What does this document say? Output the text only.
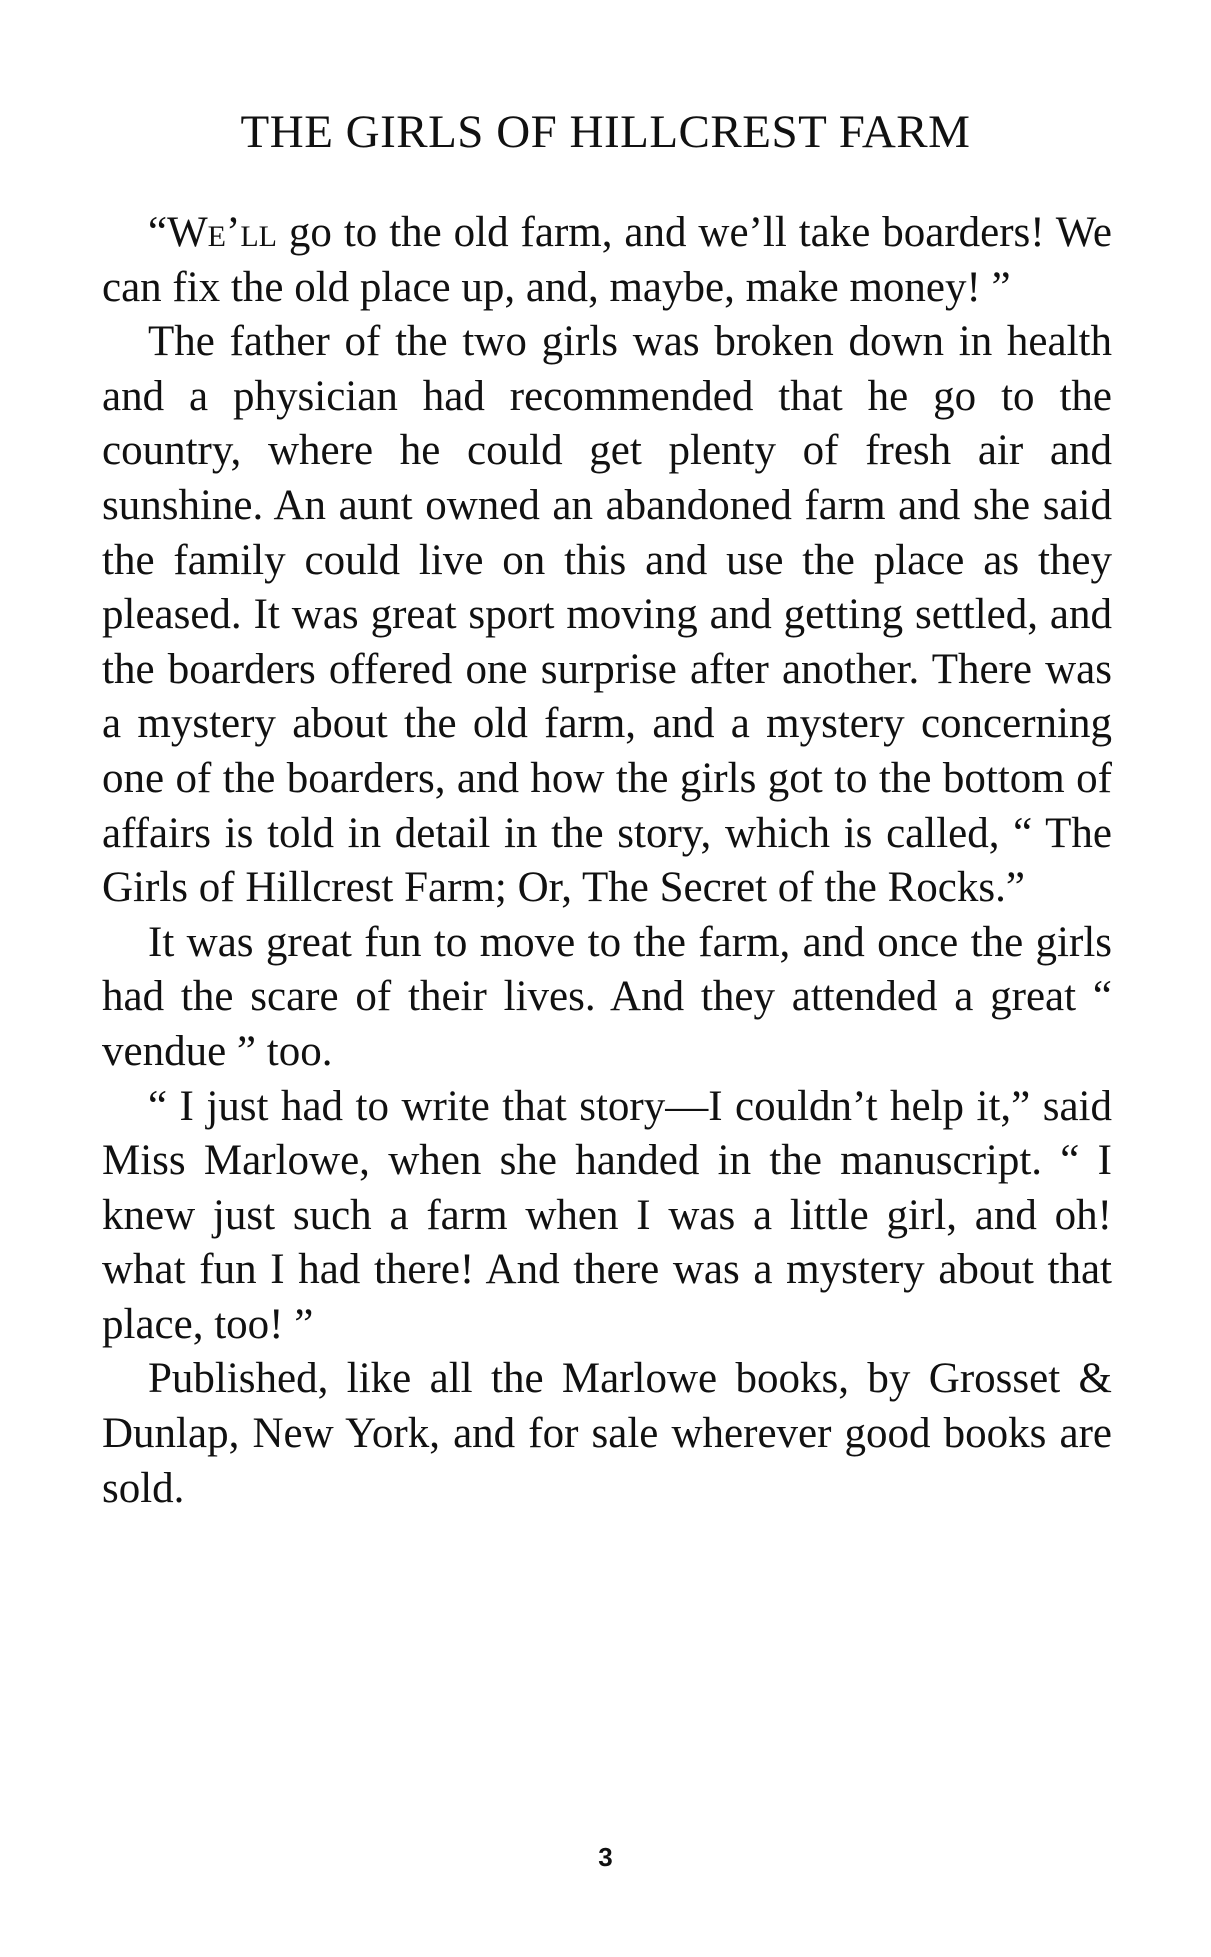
THE GIRLS OF HILLCREST FARM

“We’ll go to the old farm, and we’ll take boarders! We can fix the old place up, and, maybe, make money! ”

The father of the two girls was broken down in health and a physician had recommended that he go to the country, where he could get plenty of fresh air and sunshine. An aunt owned an abandoned farm and she said the family could live on this and use the place as they pleased. It was great sport moving and getting settled, and the boarders offered one surprise after another. There was a mystery about the old farm, and a mystery concerning one of the boarders, and how the girls got to the bottom of affairs is told in detail in the story, which is called, “ The Girls of Hillcrest Farm; Or, The Secret of the Rocks.”

It was great fun to move to the farm, and once the girls had the scare of their lives. And they attended a great “ vendue ” too.

“ I just had to write that story—I couldn’t help it,” said Miss Marlowe, when she handed in the manuscript. “ I knew just such a farm when I was a little girl, and oh! what fun I had there! And there was a mystery about that place, too! ”

Published, like all the Marlowe books, by Grosset & Dunlap, New York, and for sale wherever good books are sold.

3
